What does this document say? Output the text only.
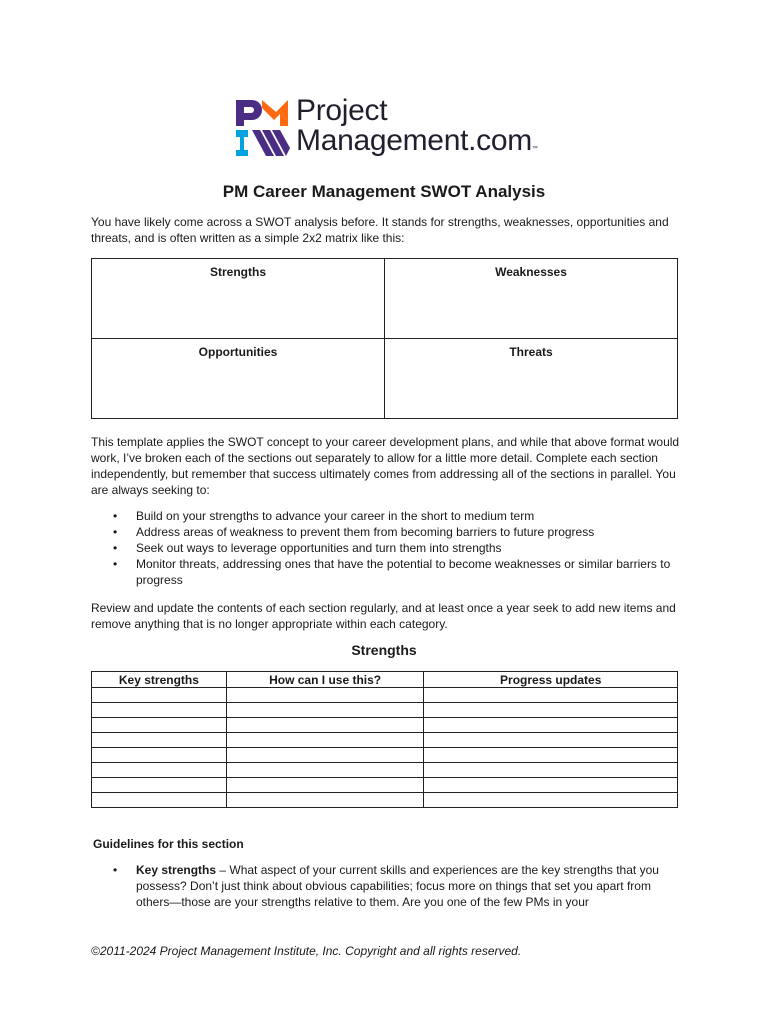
Project
Management.com™
PM Career Management SWOT Analysis

You have likely come across a SWOT analysis before. It stands for strengths, weaknesses, opportunities and threats, and is often written as a simple 2x2 matrix like this:

Strengths	Weaknesses
Opportunities	Threats

This template applies the SWOT concept to your career development plans, and while that above format would work, I’ve broken each of the sections out separately to allow for a little more detail. Complete each section independently, but remember that success ultimately comes from addressing all of the sections in parallel. You are always seeking to:

• Build on your strengths to advance your career in the short to medium term
• Address areas of weakness to prevent them from becoming barriers to future progress
• Seek out ways to leverage opportunities and turn them into strengths
• Monitor threats, addressing ones that have the potential to become weaknesses or similar barriers to progress

Review and update the contents of each section regularly, and at least once a year seek to add new items and remove anything that is no longer appropriate within each category.

Strengths
Key strengths	How can I use this?	Progress updates

Guidelines for this section

• Key strengths – What aspect of your current skills and experiences are the key strengths that you possess? Don’t just think about obvious capabilities; focus more on things that set you apart from others—those are your strengths relative to them. Are you one of the few PMs in your

©2011-2024 Project Management Institute, Inc. Copyright and all rights reserved.
